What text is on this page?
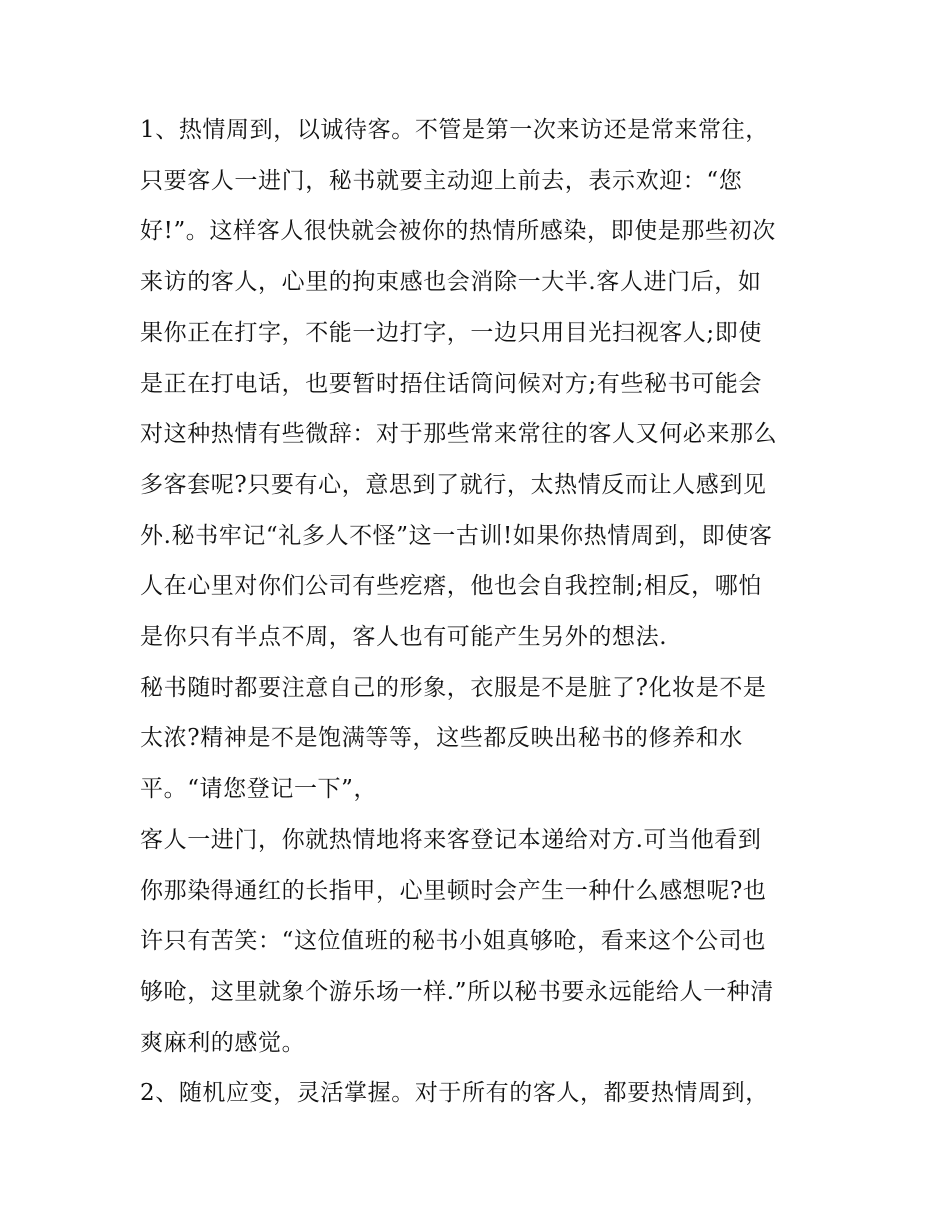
1、热情周到，以诚待客。不管是第一次来访还是常来常往，
只要客人一进门，秘书就要主动迎上前去，表示欢迎：“您
好!”。这样客人很快就会被你的热情所感染，即使是那些初次
来访的客人，心里的拘束感也会消除一大半.客人进门后，如
果你正在打字，不能一边打字，一边只用目光扫视客人;即使
是正在打电话，也要暂时捂住话筒问候对方;有些秘书可能会
对这种热情有些微辞：对于那些常来常往的客人又何必来那么
多客套呢?只要有心，意思到了就行，太热情反而让人感到见
外.秘书牢记“礼多人不怪”这一古训!如果你热情周到，即使客
人在心里对你们公司有些疙瘩，他也会自我控制;相反，哪怕
是你只有半点不周，客人也有可能产生另外的想法.
秘书随时都要注意自己的形象，衣服是不是脏了?化妆是不是
太浓?精神是不是饱满等等，这些都反映出秘书的修养和水
平。“请您登记一下”，
客人一进门，你就热情地将来客登记本递给对方.可当他看到
你那染得通红的长指甲，心里顿时会产生一种什么感想呢?也
许只有苦笑：“这位值班的秘书小姐真够呛，看来这个公司也
够呛，这里就象个游乐场一样.”所以秘书要永远能给人一种清
爽麻利的感觉。
2、随机应变，灵活掌握。对于所有的客人，都要热情周到，
